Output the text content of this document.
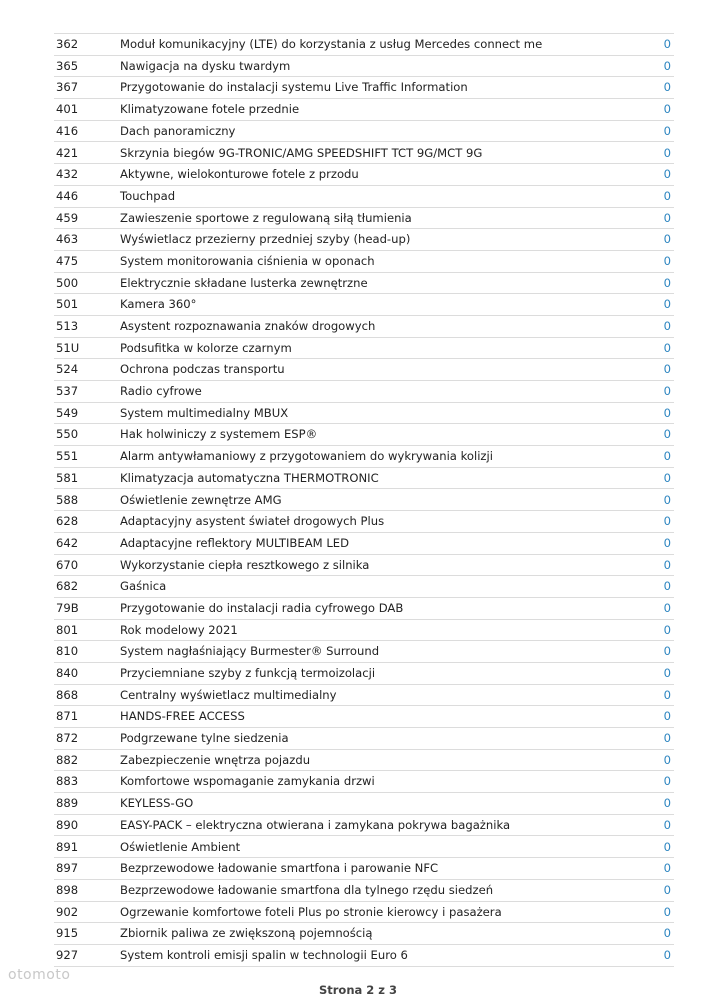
362	Moduł komunikacyjny (LTE) do korzystania z usług Mercedes connect me	0
365	Nawigacja na dysku twardym	0
367	Przygotowanie do instalacji systemu Live Traffic Information	0
401	Klimatyzowane fotele przednie	0
416	Dach panoramiczny	0
421	Skrzynia biegów 9G-TRONIC/AMG SPEEDSHIFT TCT 9G/MCT 9G	0
432	Aktywne, wielokonturowe fotele z przodu	0
446	Touchpad	0
459	Zawieszenie sportowe z regulowaną siłą tłumienia	0
463	Wyświetlacz przezierny przedniej szyby (head-up)	0
475	System monitorowania ciśnienia w oponach	0
500	Elektrycznie składane lusterka zewnętrzne	0
501	Kamera 360°	0
513	Asystent rozpoznawania znaków drogowych	0
51U	Podsufitka w kolorze czarnym	0
524	Ochrona podczas transportu	0
537	Radio cyfrowe	0
549	System multimedialny MBUX	0
550	Hak holwiniczy z systemem ESP®	0
551	Alarm antywłamaniowy z przygotowaniem do wykrywania kolizji	0
581	Klimatyzacja automatyczna THERMOTRONIC	0
588	Oświetlenie zewnętrze AMG	0
628	Adaptacyjny asystent świateł drogowych Plus	0
642	Adaptacyjne reflektory MULTIBEAM LED	0
670	Wykorzystanie ciepła resztkowego z silnika	0
682	Gaśnica	0
79B	Przygotowanie do instalacji radia cyfrowego DAB	0
801	Rok modelowy 2021	0
810	System nagłaśniający Burmester® Surround	0
840	Przyciemniane szyby z funkcją termoizolacji	0
868	Centralny wyświetlacz multimedialny	0
871	HANDS-FREE ACCESS	0
872	Podgrzewane tylne siedzenia	0
882	Zabezpieczenie wnętrza pojazdu	0
883	Komfortowe wspomaganie zamykania drzwi	0
889	KEYLESS-GO	0
890	EASY-PACK – elektryczna otwierana i zamykana pokrywa bagażnika	0
891	Oświetlenie Ambient	0
897	Bezprzewodowe ładowanie smartfona i parowanie NFC	0
898	Bezprzewodowe ładowanie smartfona dla tylnego rzędu siedzeń	0
902	Ogrzewanie komfortowe foteli Plus po stronie kierowcy i pasażera	0
915	Zbiornik paliwa ze zwiększoną pojemnością	0
927	System kontroli emisji spalin w technologii Euro 6	0
otomoto
Strona 2 z 3
